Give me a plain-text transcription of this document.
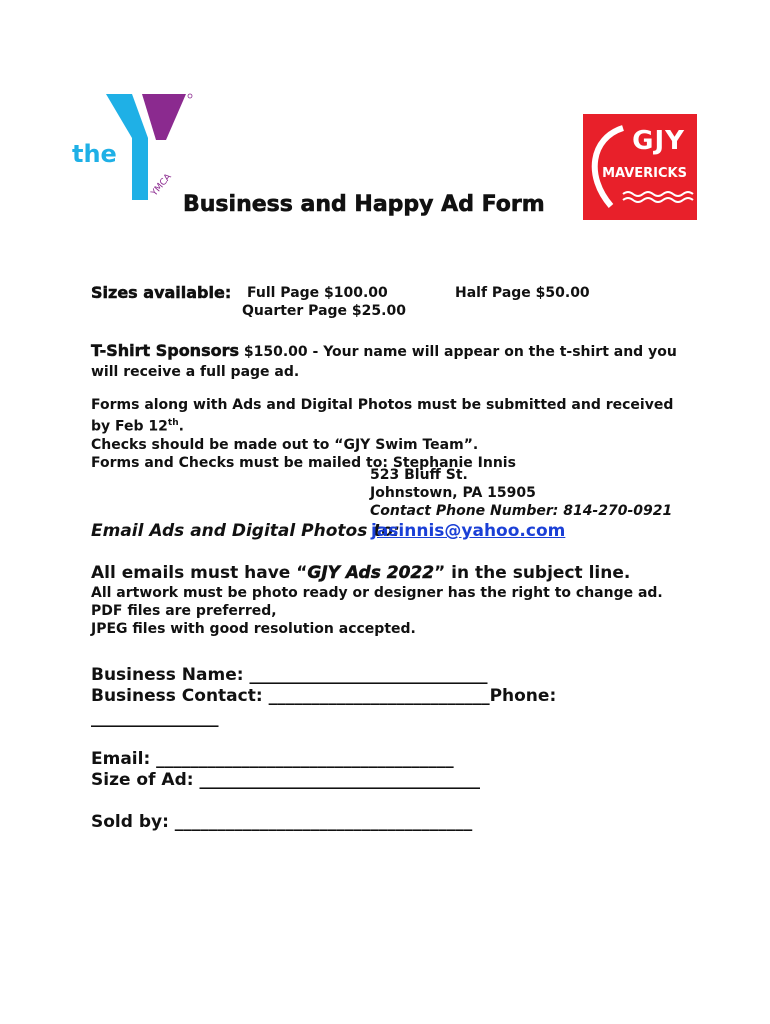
the
YMCA
GJY
MAVERICKS
Business and Happy Ad Form
Sizes available: Full Page $100.00	Half Page $50.00
Quarter Page $25.00
T-Shirt Sponsors $150.00 - Your name will appear on the t-shirt and you will receive a full page ad.
Forms along with Ads and Digital Photos must be submitted and received
by Feb 12th.
Checks should be made out to “GJY Swim Team”.
Forms and Checks must be mailed to: Stephanie Innis
523 Bluff St.
Johnstown, PA 15905
Contact Phone Number: 814-270-0921
Email Ads and Digital Photos to:
jasinnis@yahoo.com
All emails must have “GJY Ads 2022” in the subject line.
All artwork must be photo ready or designer has the right to change ad.
PDF files are preferred,
JPEG files with good resolution accepted.
Business Name: ____________________________
Business Contact: __________________________Phone:
_______________
Email: ___________________________________
Size of Ad: _________________________________
Sold by: ___________________________________
